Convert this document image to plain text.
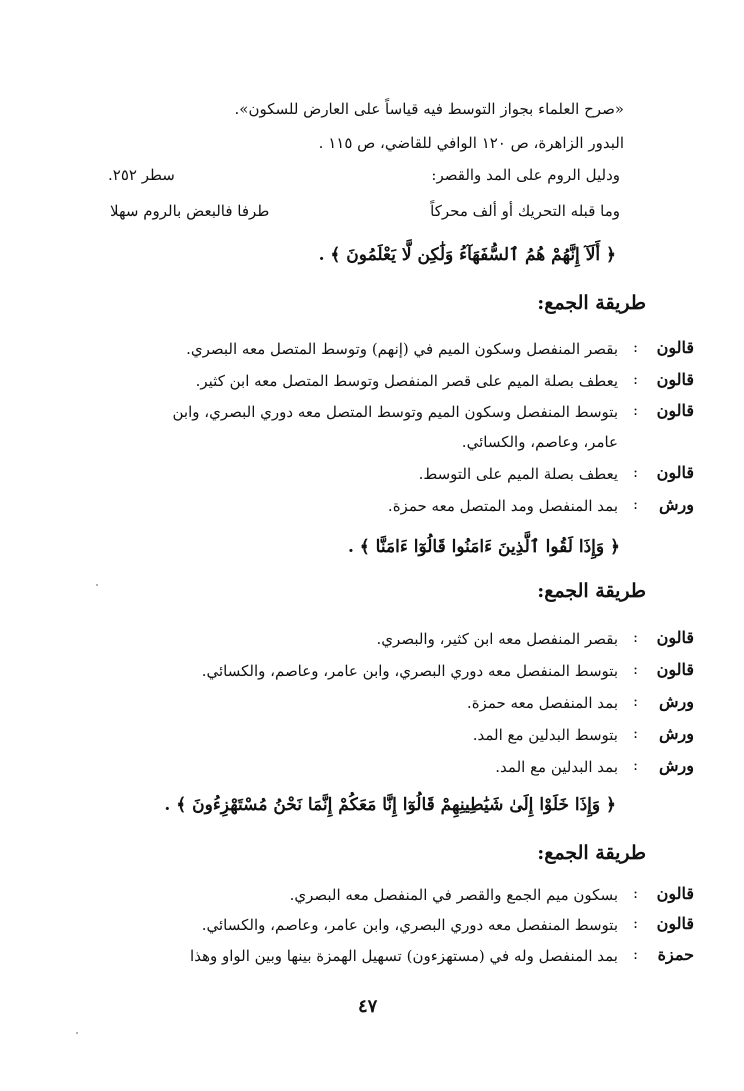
«صرح العلماء بجواز التوسط فيه قياساً على العارض للسكون».
البدور الزاهرة، ص ١٢٠ الوافي للقاضي، ص ١١٥ .
ودليل الروم على المد والقصر:
سطر ٢٥٢.
وما قبله التحريك أو ألف محركاً
طرفا فالبعض بالروم سهلا
﴿ أَلَآ إِنَّهُمْ هُمُ ٱلسُّفَهَآءُ وَلَٰكِن لَّا يَعْلَمُونَ ﴾ .
طريقة الجمع:
قالون
:
بقصر المنفصل وسكون الميم في (إنهم) وتوسط المتصل معه البصري.
قالون
:
يعطف بصلة الميم على قصر المنفصل وتوسط المتصل معه ابن كثير.
قالون
:
بتوسط المنفصل وسكون الميم وتوسط المتصل معه دوري البصري، وابن
عامر، وعاصم، والكسائي.
قالون
:
يعطف بصلة الميم على التوسط.
ورش
:
بمد المنفصل ومد المتصل معه حمزة.
﴿ وَإِذَا لَقُوا ٱلَّذِينَ ءَامَنُوا قَالُوٓا ءَامَنَّا ﴾ .
طريقة الجمع:
قالون
:
بقصر المنفصل معه ابن كثير، والبصري.
قالون
:
بتوسط المنفصل معه دوري البصري، وابن عامر، وعاصم، والكسائي.
ورش
:
بمد المنفصل معه حمزة.
ورش
:
بتوسط البدلين مع المد.
ورش
:
بمد البدلين مع المد.
﴿ وَإِذَا خَلَوْا إِلَىٰ شَيَٰطِينِهِمْ قَالُوٓا إِنَّا مَعَكُمْ إِنَّمَا نَحْنُ مُسْتَهْزِءُونَ ﴾ .
طريقة الجمع:
قالون
:
بسكون ميم الجمع والقصر في المنفصل معه البصري.
قالون
:
بتوسط المنفصل معه دوري البصري، وابن عامر، وعاصم، والكسائي.
حمزة
:
بمد المنفصل وله في (مستهزءون) تسهيل الهمزة بينها وبين الواو وهذا
٤٧
